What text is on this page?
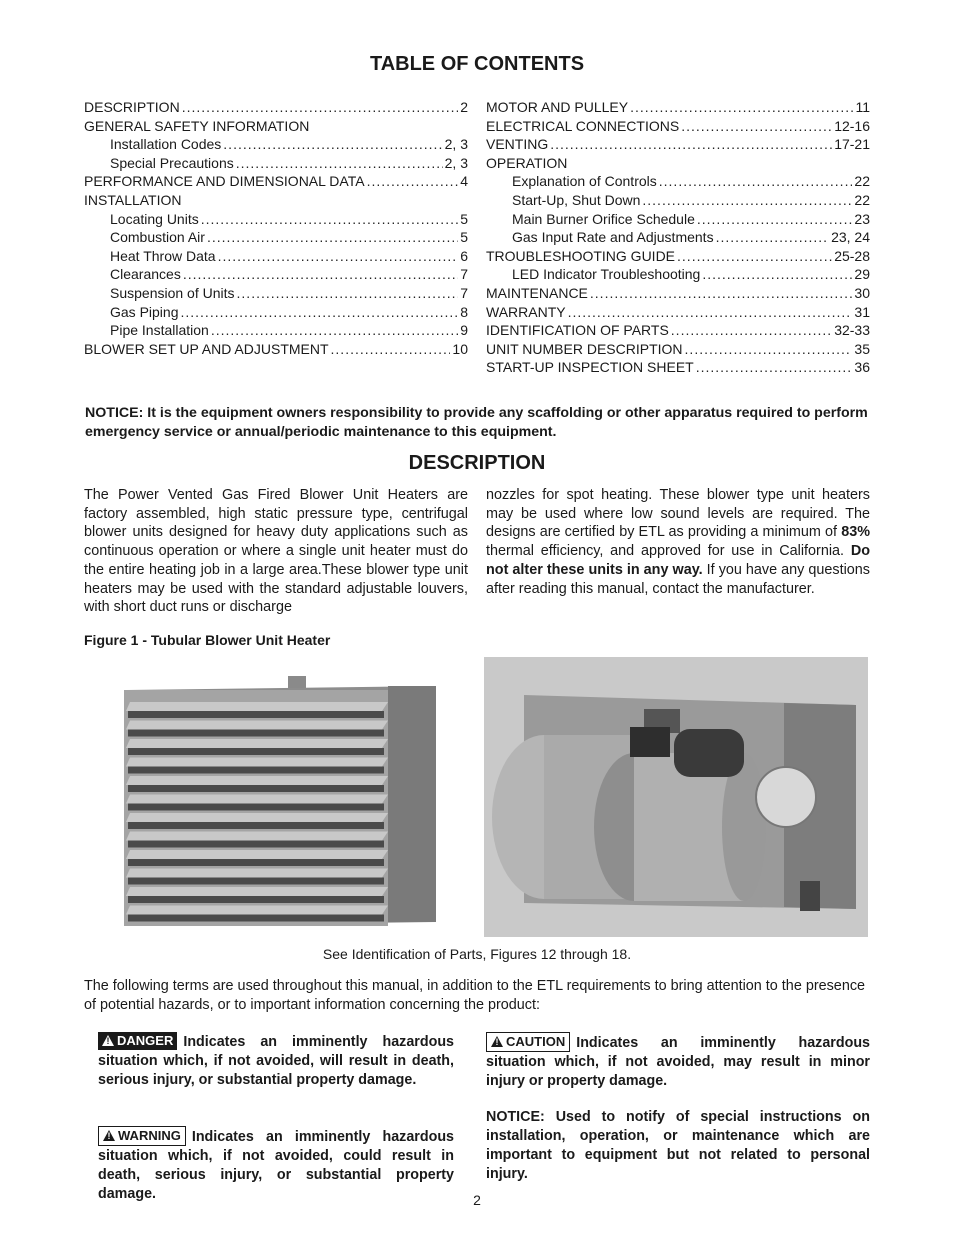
TABLE OF CONTENTS
DESCRIPTION .....	2
GENERAL SAFETY INFORMATION
Installation Codes .....	2, 3
Special Precautions .....	2, 3
PERFORMANCE AND DIMENSIONAL DATA .....	4
INSTALLATION
Locating Units .....	5
Combustion Air .....	5
Heat Throw Data .....	6
Clearances .....	7
Suspension of Units .....	7
Gas Piping .....	8
Pipe Installation .....	9
BLOWER SET UP AND ADJUSTMENT .....	10
MOTOR AND PULLEY .....	11
ELECTRICAL CONNECTIONS .....	12-16
VENTING .....	17-21
OPERATION
Explanation of Controls .....	22
Start-Up, Shut Down .....	22
Main Burner Orifice Schedule .....	23
Gas Input Rate and Adjustments .....	23, 24
TROUBLESHOOTING GUIDE .....	25-28
LED Indicator Troubleshooting .....	29
MAINTENANCE .....	30
WARRANTY .....	31
IDENTIFICATION OF PARTS .....	32-33
UNIT NUMBER DESCRIPTION .....	35
START-UP INSPECTION SHEET .....	36
NOTICE: It is the equipment owners responsibility to provide any scaffolding or other apparatus required to perform emergency service or annual/periodic maintenance to this equipment.
DESCRIPTION
The Power Vented Gas Fired Blower Unit Heaters are factory assembled, high static pressure type, centrifugal blower units designed for heavy duty applications such as continuous operation or where a single unit heater must do the entire heating job in a large area.These blower type unit heaters may be used with the standard adjustable louvers, with short duct runs or discharge
nozzles for spot heating. These blower type unit heaters may be used where low sound levels are required. The designs are certified by ETL as providing a minimum of 83% thermal efficiency, and approved for use in California. Do not alter these units in any way. If you have any questions after reading this manual, contact the manufacturer.
Figure 1 - Tubular Blower Unit Heater
See Identification of Parts, Figures 12 through 18.
The following terms are used throughout this manual, in addition to the ETL requirements to bring attention to the presence of potential hazards, or to important information concerning the product:
! DANGER Indicates an imminently hazardous situation which, if not avoided, will result in death, serious injury, or substantial property damage.
! WARNING Indicates an imminently hazardous situation which, if not avoided, could result in death, serious injury, or substantial property damage.
! CAUTION Indicates an imminently hazardous situation which, if not avoided, may result in minor injury or property damage.
NOTICE: Used to notify of special instructions on installation, operation, or maintenance which are important to equipment but not related to personal injury.
2
